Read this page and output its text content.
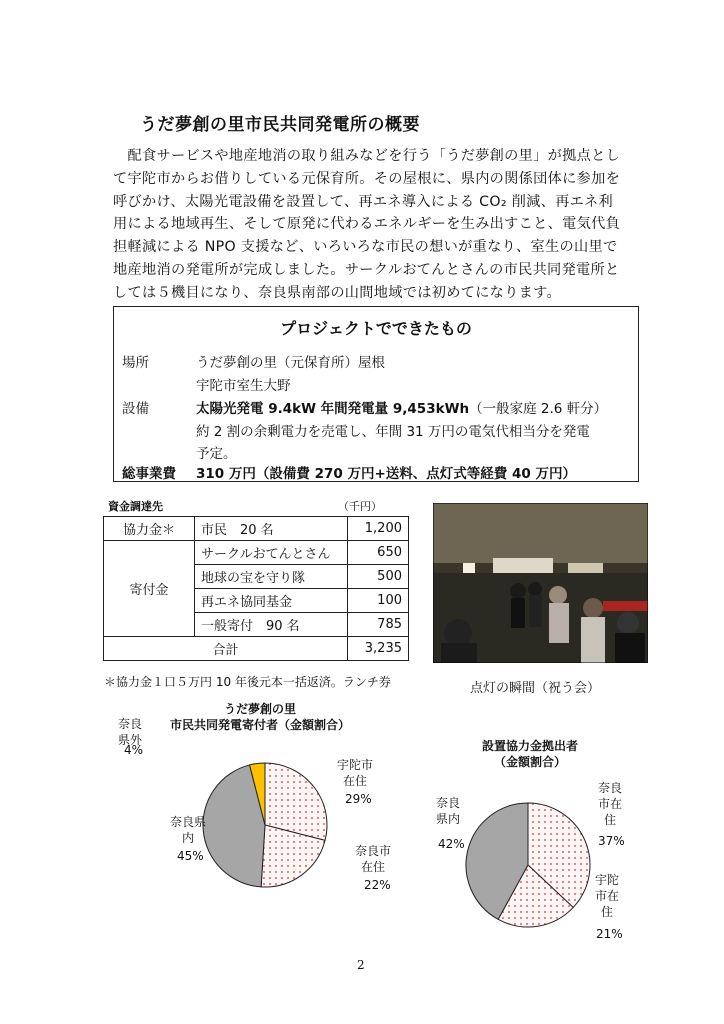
うだ夢創の里市民共同発電所の概要
　配食サービスや地産地消の取り組みなどを行う「うだ夢創の里」が拠点とし
て宇陀市からお借りしている元保育所。その屋根に、県内の関係団体に参加を
呼びかけ、太陽光電設備を設置して、再エネ導入による CO₂ 削減、再エネ利
用による地域再生、そして原発に代わるエネルギーを生み出すこと、電気代負
担軽減による NPO 支援など、いろいろな市民の想いが重なり、室生の山里で
地産地消の発電所が完成しました。サークルおてんとさんの市民共同発電所と
しては５機目になり、奈良県南部の山間地域では初めてになります。
プロジェクトでできたもの
場所	うだ夢創の里（元保育所）屋根
宇陀市室生大野
設備	太陽光発電 9.4kW 年間発電量 9,453kWh（一般家庭 2.6 軒分）
約 2 割の余剰電力を売電し、年間 31 万円の電気代相当分を発電
予定。
総事業費 310 万円（設備費 270 万円+送料、点灯式等経費 40 万円）
資金調達先	（千円）
協力金＊	市民　20 名	1,200
寄付金	サークルおてんとさん	650
	地球の宝を守り隊	500
	再エネ協同基金	100
	一般寄付　90 名	785
合計		3,235
＊協力金１口５万円 10 年後元本一括返済。ランチ券	点灯の瞬間（祝う会）
うだ夢創の里
市民共同発電寄付者（金額割合）
奈良
県外
4%
宇陀市
在住
29%
奈良市
在住
22%
奈良県
内
45%
設置協力金拠出者
（金額割合）
奈良
市在
住
37%
宇陀
市在
住
21%
奈良
県内
42%
2
